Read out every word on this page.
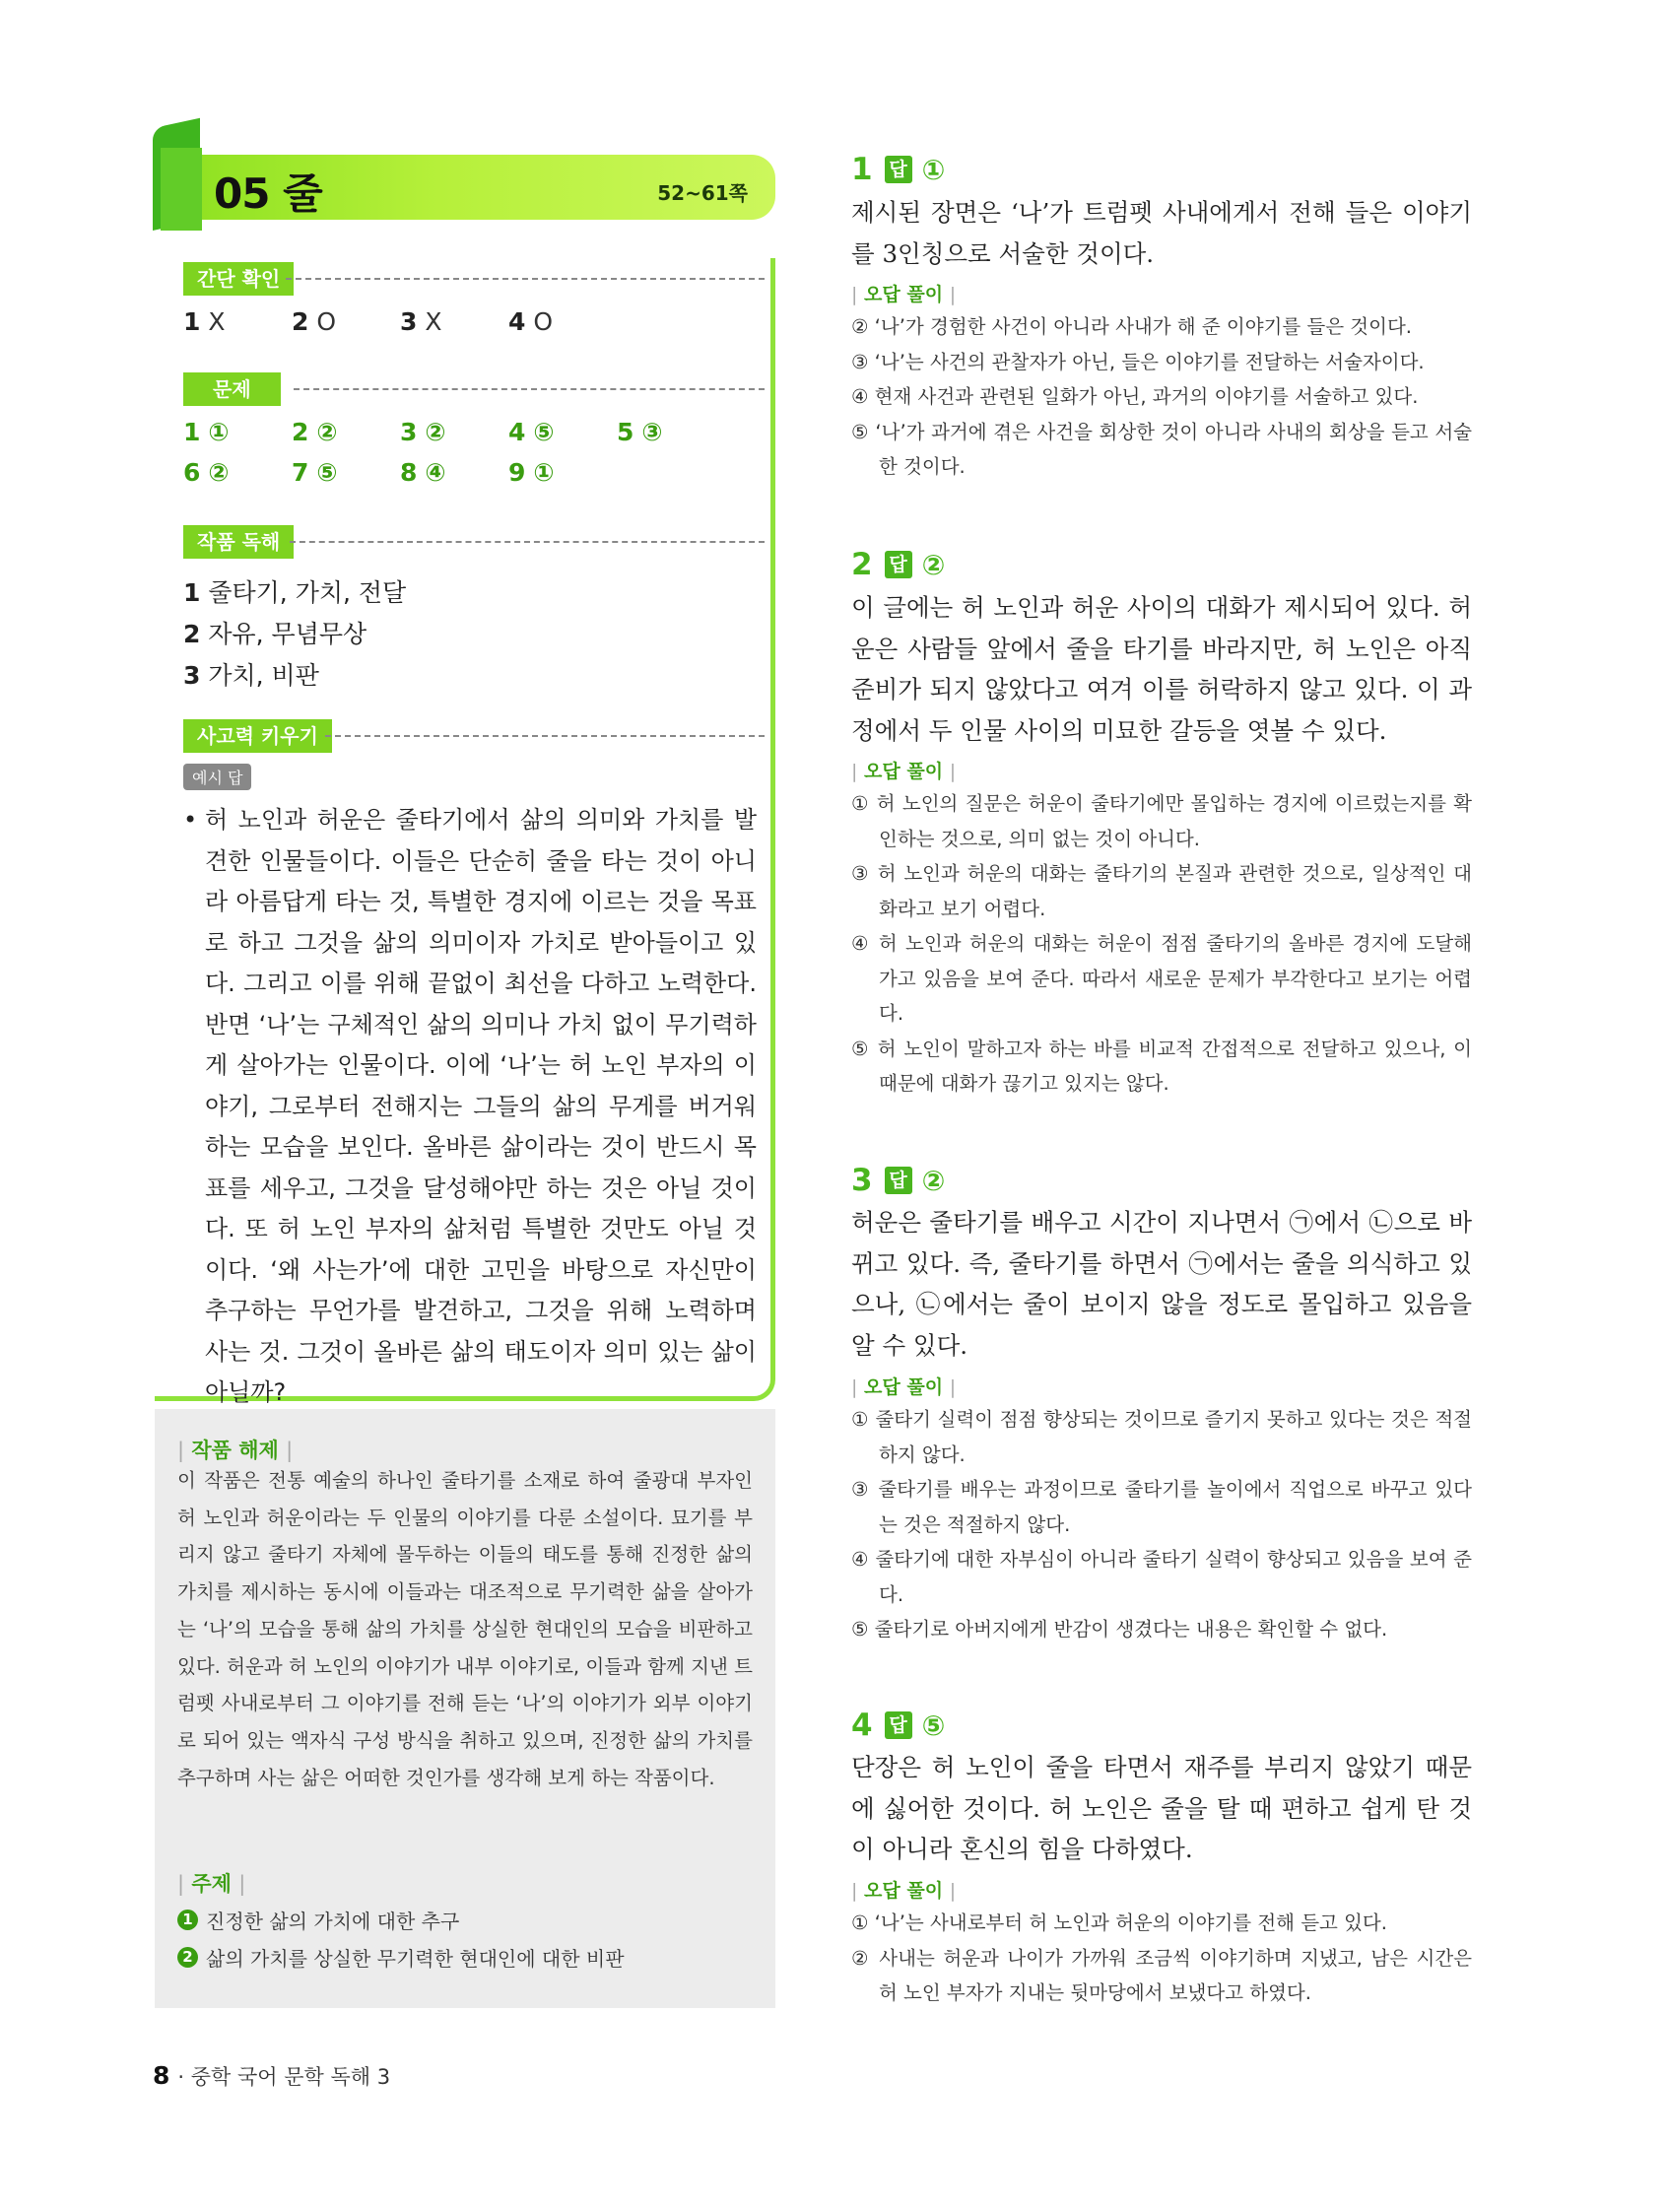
05 줄	52~61쪽
간단 확인
1 X	2 O	3 X	4 O
문제
1 ①	2 ②	3 ②	4 ⑤	5 ③
6 ②	7 ⑤	8 ④	9 ①
작품 독해
1 줄타기, 가치, 전달
2 자유, 무념무상
3 가치, 비판
사고력 키우기
예시 답
• 허 노인과 허운은 줄타기에서 삶의 의미와 가치를 발견한 인물들이다. 이들은 단순히 줄을 타는 것이 아니라 아름답게 타는 것, 특별한 경지에 이르는 것을 목표로 하고 그것을 삶의 의미이자 가치로 받아들이고 있다. 그리고 이를 위해 끝없이 최선을 다하고 노력한다. 반면 ‘나’는 구체적인 삶의 의미나 가치 없이 무기력하게 살아가는 인물이다. 이에 ‘나’는 허 노인 부자의 이야기, 그로부터 전해지는 그들의 삶의 무게를 버거워하는 모습을 보인다. 올바른 삶이라는 것이 반드시 목표를 세우고, 그것을 달성해야만 하는 것은 아닐 것이다. 또 허 노인 부자의 삶처럼 특별한 것만도 아닐 것이다. ‘왜 사는가’에 대한 고민을 바탕으로 자신만이 추구하는 무언가를 발견하고, 그것을 위해 노력하며 사는 것. 그것이 올바른 삶의 태도이자 의미 있는 삶이 아닐까?

| 작품 해제 |
이 작품은 전통 예술의 하나인 줄타기를 소재로 하여 줄광대 부자인 허 노인과 허운이라는 두 인물의 이야기를 다룬 소설이다. 묘기를 부리지 않고 줄타기 자체에 몰두하는 이들의 태도를 통해 진정한 삶의 가치를 제시하는 동시에 이들과는 대조적으로 무기력한 삶을 살아가는 ‘나’의 모습을 통해 삶의 가치를 상실한 현대인의 모습을 비판하고 있다. 허운과 허 노인의 이야기가 내부 이야기로, 이들과 함께 지낸 트럼펫 사내로부터 그 이야기를 전해 듣는 ‘나’의 이야기가 외부 이야기로 되어 있는 액자식 구성 방식을 취하고 있으며, 진정한 삶의 가치를 추구하며 사는 삶은 어떠한 것인가를 생각해 보게 하는 작품이다.
| 주제 |
1 진정한 삶의 가치에 대한 추구
2 삶의 가치를 상실한 무기력한 현대인에 대한 비판
8 · 중학 국어 문학 독해 3
1 답 ①
제시된 장면은 ‘나’가 트럼펫 사내에게서 전해 들은 이야기를 3인칭으로 서술한 것이다.
| 오답 풀이 |
② ‘나’가 경험한 사건이 아니라 사내가 해 준 이야기를 들은 것이다.
③ ‘나’는 사건의 관찰자가 아닌, 들은 이야기를 전달하는 서술자이다.
④ 현재 사건과 관련된 일화가 아닌, 과거의 이야기를 서술하고 있다.
⑤ ‘나’가 과거에 겪은 사건을 회상한 것이 아니라 사내의 회상을 듣고 서술한 것이다.
2 답 ②
이 글에는 허 노인과 허운 사이의 대화가 제시되어 있다. 허운은 사람들 앞에서 줄을 타기를 바라지만, 허 노인은 아직 준비가 되지 않았다고 여겨 이를 허락하지 않고 있다. 이 과정에서 두 인물 사이의 미묘한 갈등을 엿볼 수 있다.
| 오답 풀이 |
① 허 노인의 질문은 허운이 줄타기에만 몰입하는 경지에 이르렀는지를 확인하는 것으로, 의미 없는 것이 아니다.
③ 허 노인과 허운의 대화는 줄타기의 본질과 관련한 것으로, 일상적인 대화라고 보기 어렵다.
④ 허 노인과 허운의 대화는 허운이 점점 줄타기의 올바른 경지에 도달해 가고 있음을 보여 준다. 따라서 새로운 문제가 부각한다고 보기는 어렵다.
⑤ 허 노인이 말하고자 하는 바를 비교적 간접적으로 전달하고 있으나, 이 때문에 대화가 끊기고 있지는 않다.
3 답 ②
허운은 줄타기를 배우고 시간이 지나면서 ㉠에서 ㉡으로 바뀌고 있다. 즉, 줄타기를 하면서 ㉠에서는 줄을 의식하고 있으나, ㉡에서는 줄이 보이지 않을 정도로 몰입하고 있음을 알 수 있다.
| 오답 풀이 |
① 줄타기 실력이 점점 향상되는 것이므로 즐기지 못하고 있다는 것은 적절하지 않다.
③ 줄타기를 배우는 과정이므로 줄타기를 놀이에서 직업으로 바꾸고 있다는 것은 적절하지 않다.
④ 줄타기에 대한 자부심이 아니라 줄타기 실력이 향상되고 있음을 보여 준다.
⑤ 줄타기로 아버지에게 반감이 생겼다는 내용은 확인할 수 없다.
4 답 ⑤
단장은 허 노인이 줄을 타면서 재주를 부리지 않았기 때문에 싫어한 것이다. 허 노인은 줄을 탈 때 편하고 쉽게 탄 것이 아니라 혼신의 힘을 다하였다.
| 오답 풀이 |
① ‘나’는 사내로부터 허 노인과 허운의 이야기를 전해 듣고 있다.
② 사내는 허운과 나이가 가까워 조금씩 이야기하며 지냈고, 남은 시간은 허 노인 부자가 지내는 뒷마당에서 보냈다고 하였다.
